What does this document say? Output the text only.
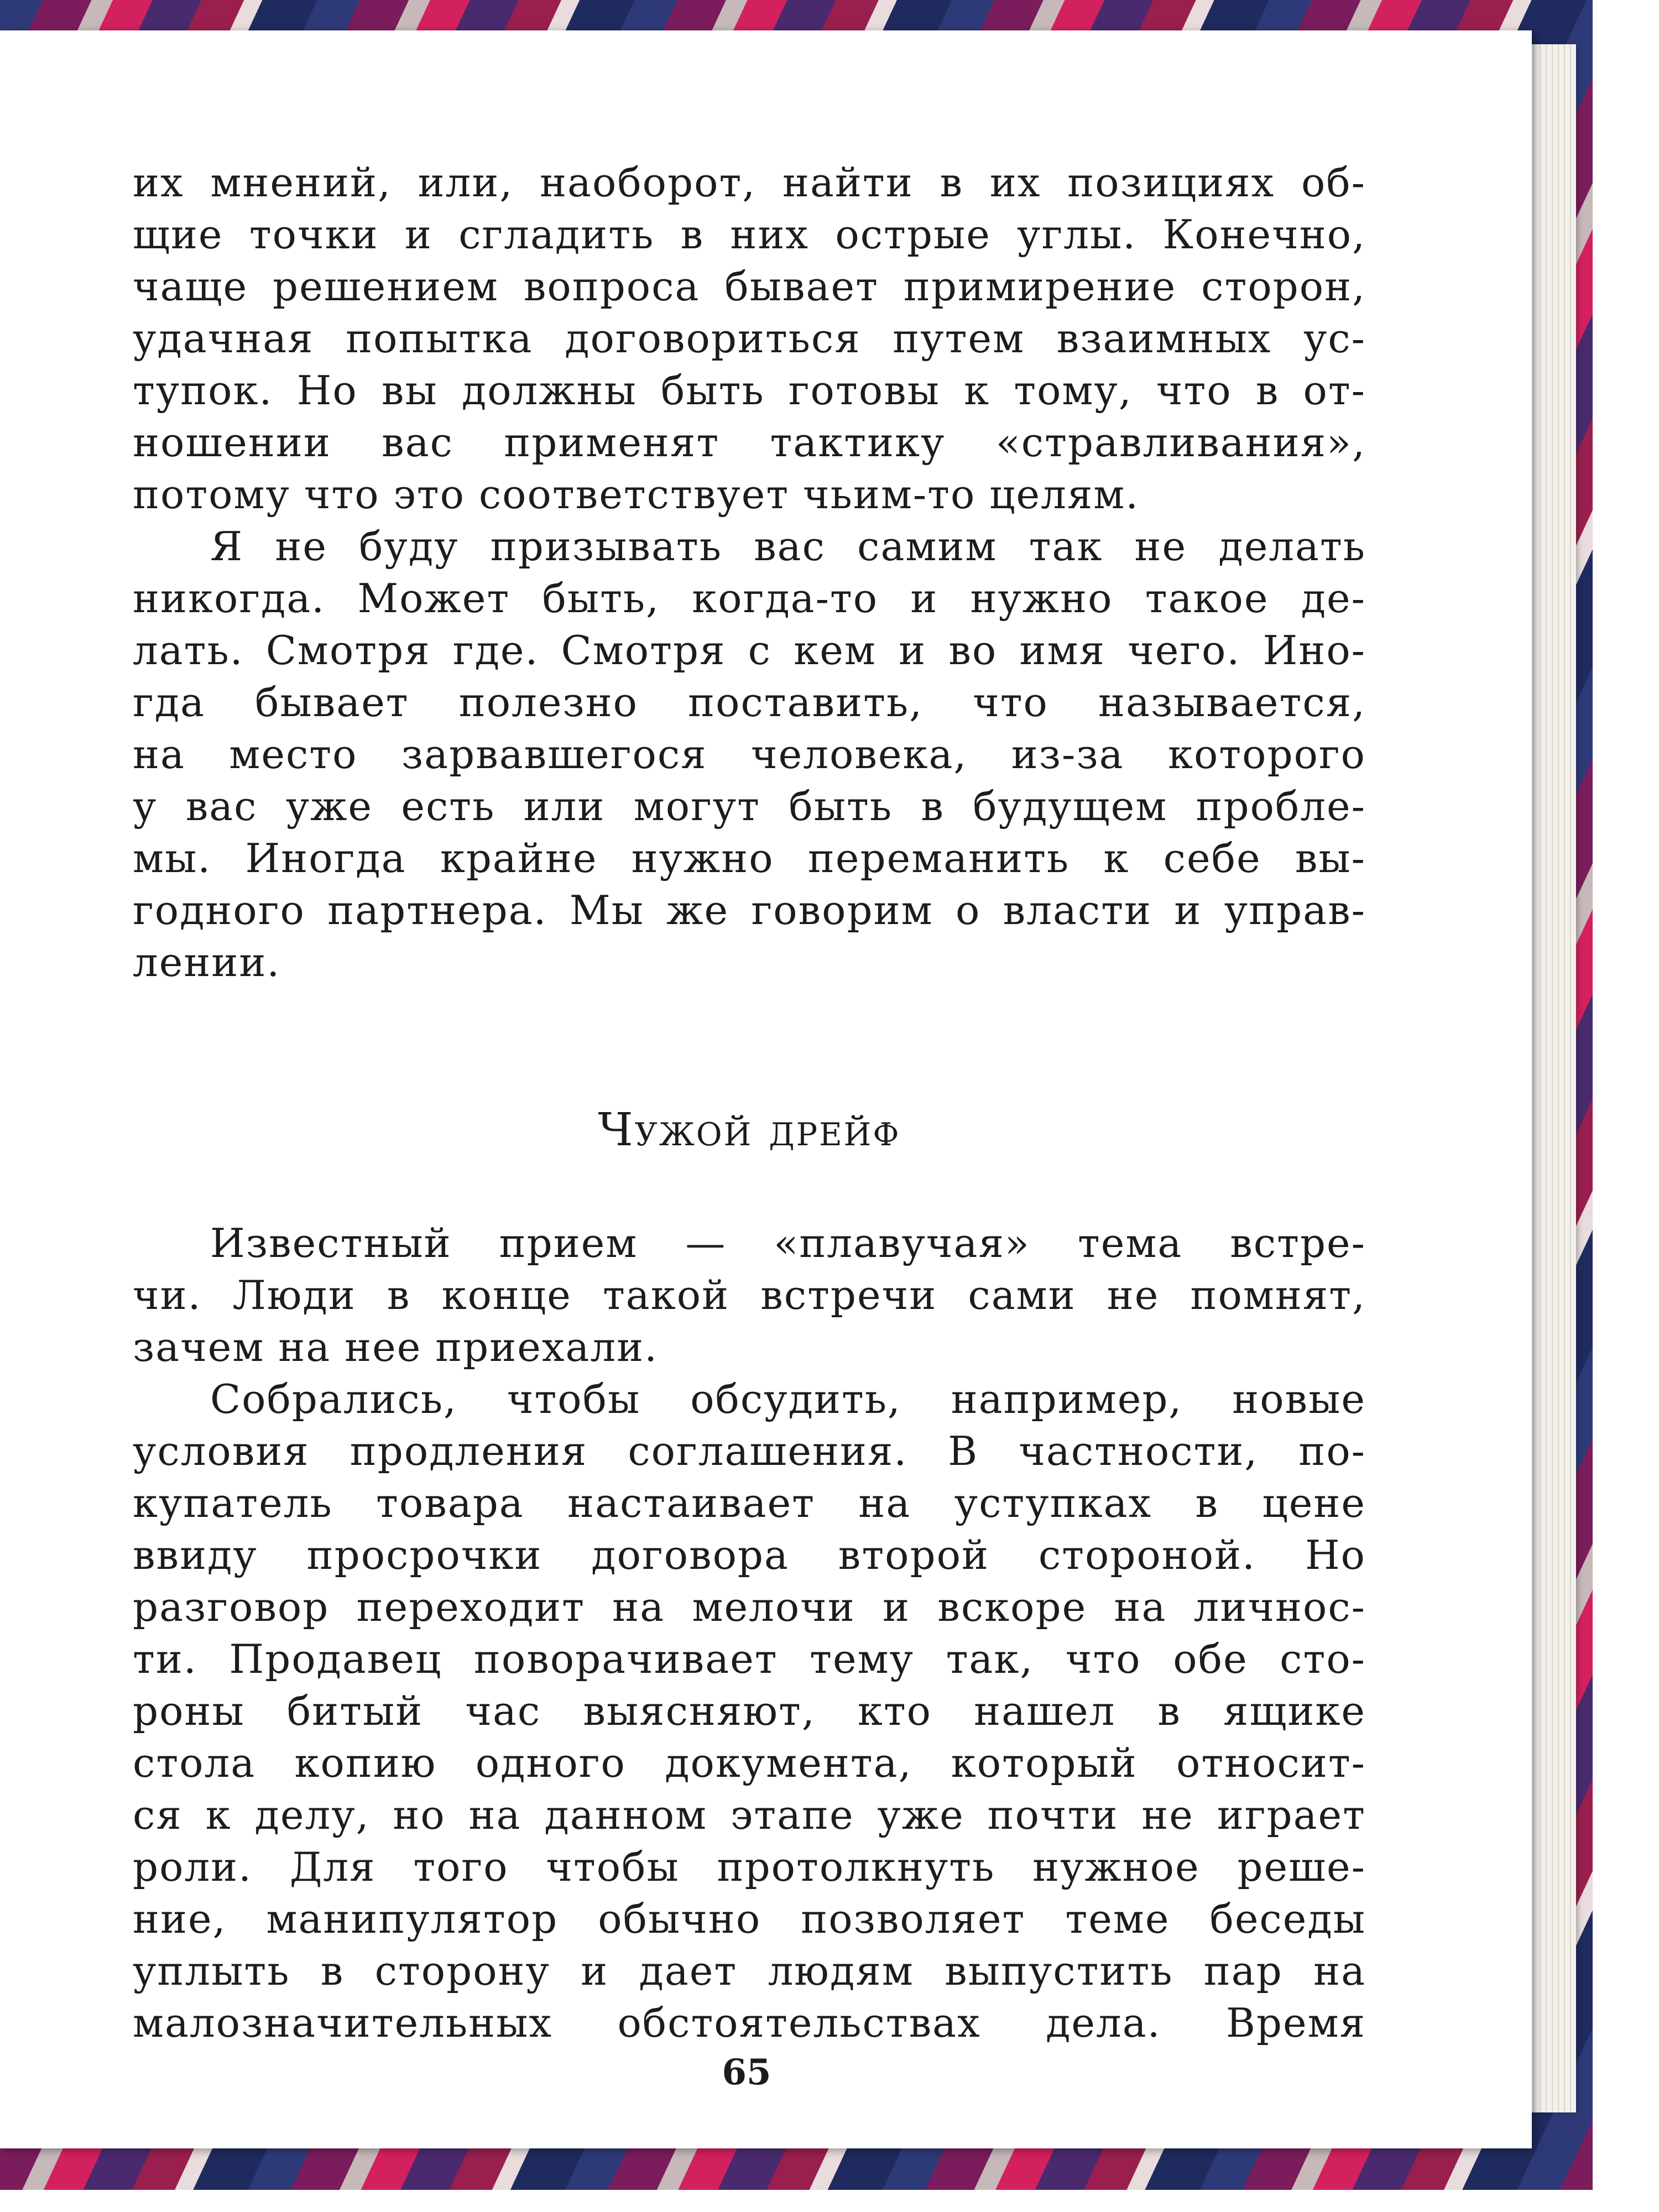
их мнений, или, наоборот, найти в их позициях об-
щие точки и сгладить в них острые углы. Конечно,
чаще решением вопроса бывает примирение сторон,
удачная попытка договориться путем взаимных ус-
тупок. Но вы должны быть готовы к тому, что в от-
ношении вас применят тактику «стравливания»,
потому что это соответствует чьим-то целям.
Я не буду призывать вас самим так не делать
никогда. Может быть, когда-то и нужно такое де-
лать. Смотря где. Смотря с кем и во имя чего. Ино-
гда бывает полезно поставить, что называется,
на место зарвавшегося человека, из-за которого
у вас уже есть или могут быть в будущем пробле-
мы. Иногда крайне нужно переманить к себе вы-
годного партнера. Мы же говорим о власти и управ-
лении.
Чужой дрейф
Известный прием — «плавучая» тема встре-
чи. Люди в конце такой встречи сами не помнят,
зачем на нее приехали.
Собрались, чтобы обсудить, например, новые
условия продления соглашения. В частности, по-
купатель товара настаивает на уступках в цене
ввиду просрочки договора второй стороной. Но
разговор переходит на мелочи и вскоре на личнос-
ти. Продавец поворачивает тему так, что обе сто-
роны битый час выясняют, кто нашел в ящике
стола копию одного документа, который относит-
ся к делу, но на данном этапе уже почти не играет
роли. Для того чтобы протолкнуть нужное реше-
ние, манипулятор обычно позволяет теме беседы
уплыть в сторону и дает людям выпустить пар на
малозначительных обстоятельствах дела. Время
65
